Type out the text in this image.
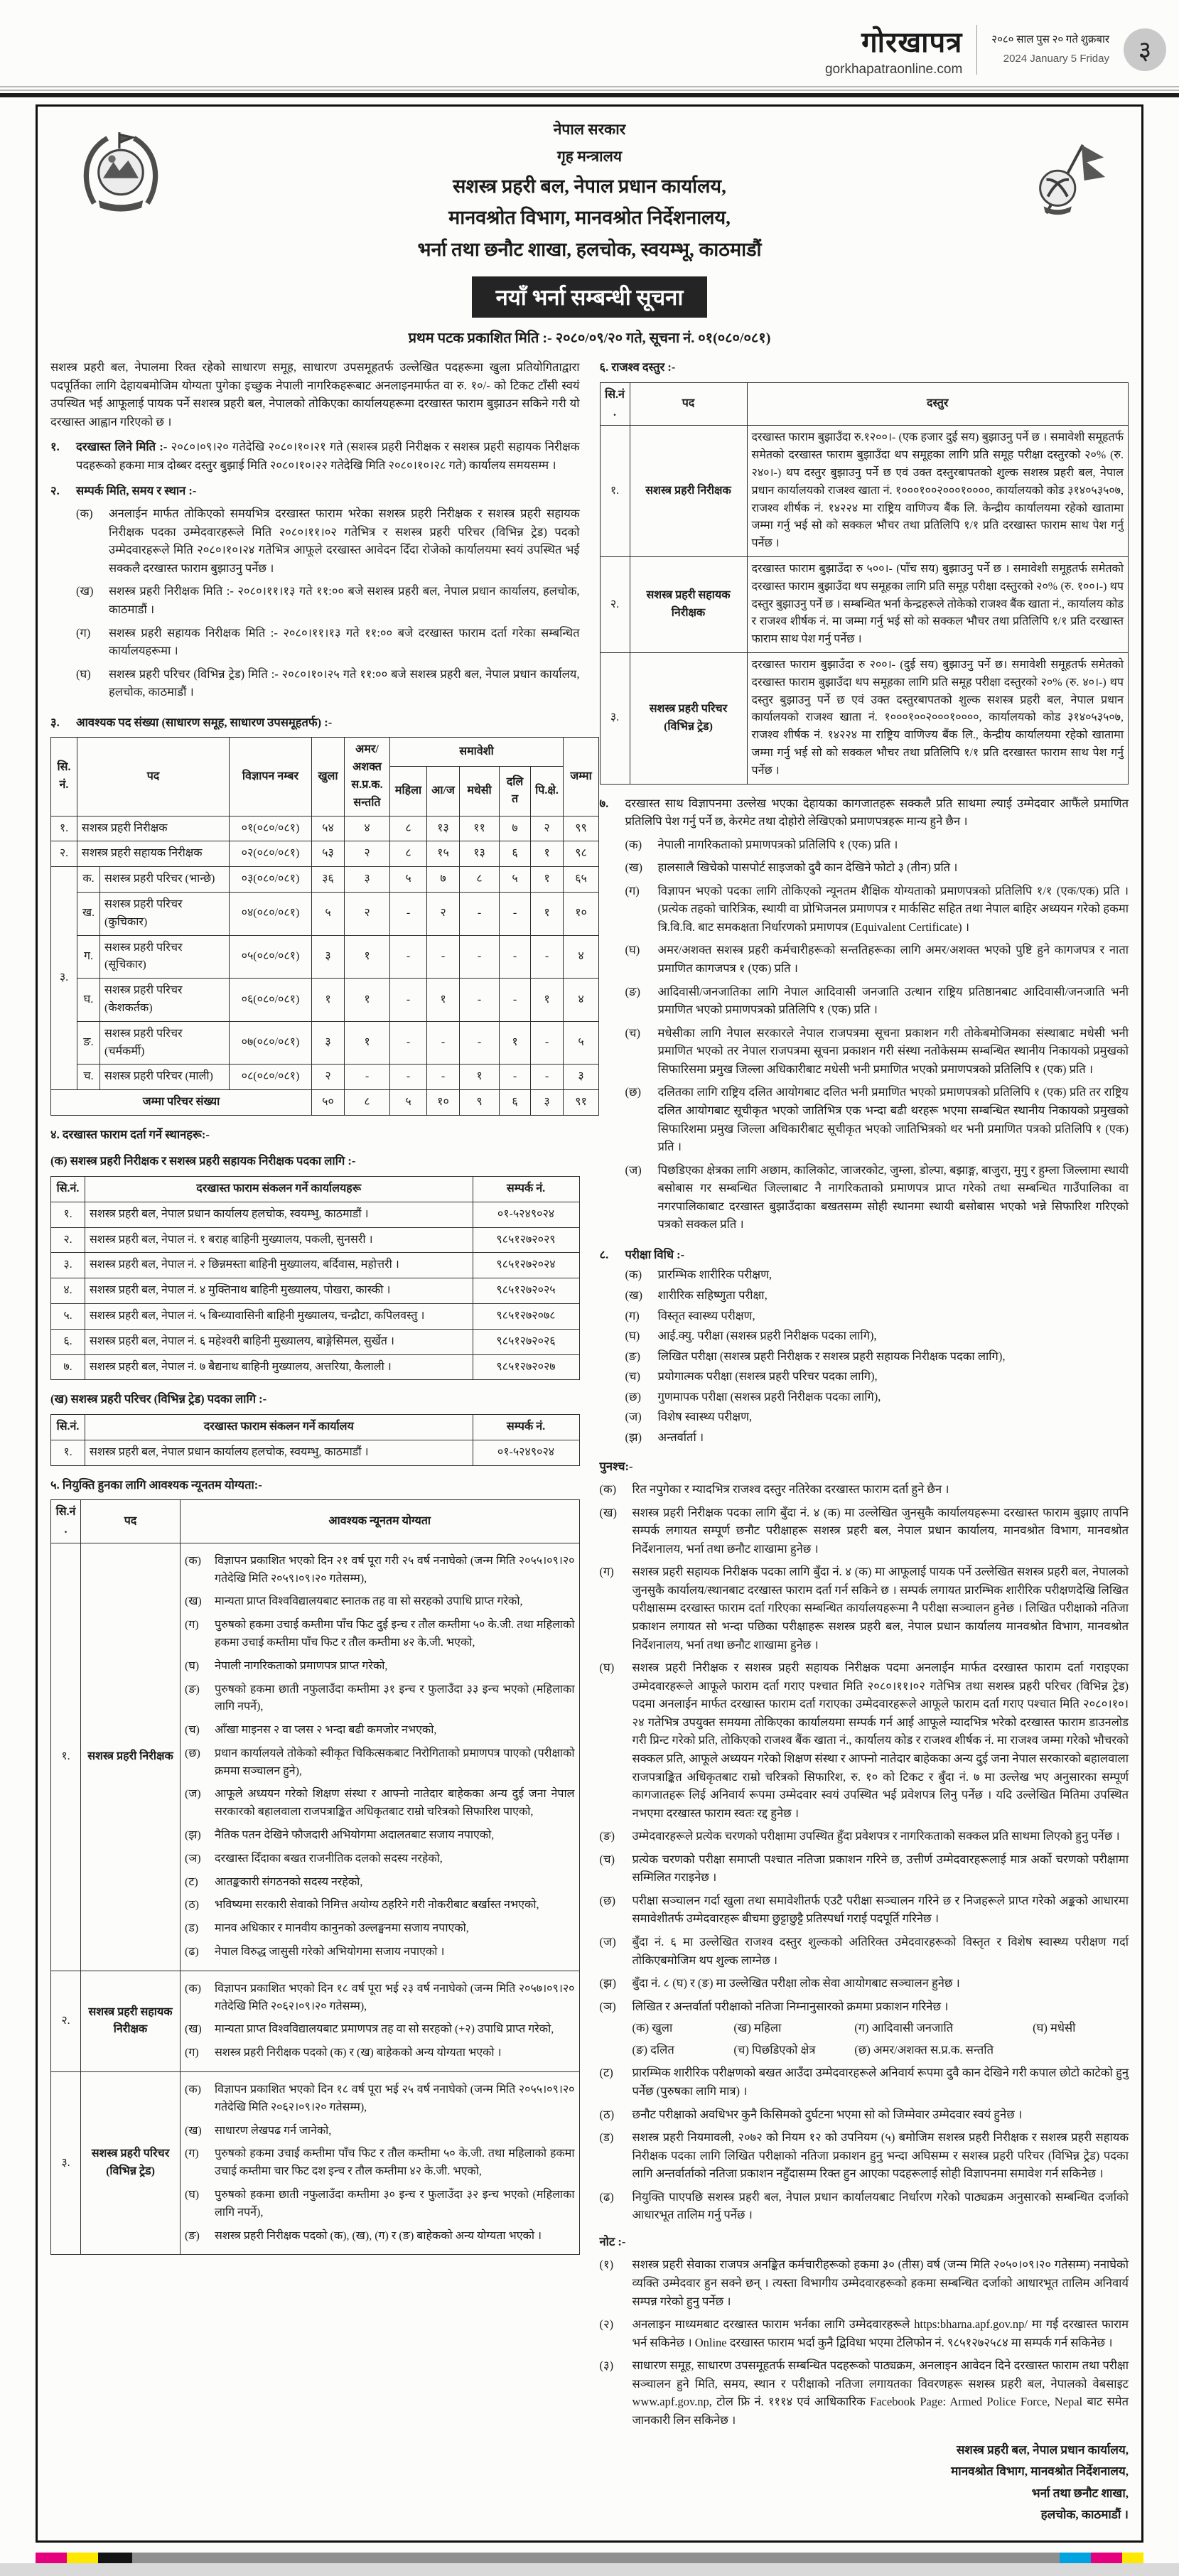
गोरखापत्र
gorkhapatraonline.com
२०८० साल पुस २० गते शुक्रबार
2024 January 5 Friday	३
नेपाल सरकार
गृह मन्त्रालय
सशस्त्र प्रहरी बल, नेपाल प्रधान कार्यालय,
मानवश्रोत विभाग, मानवश्रोत निर्देशनालय,
भर्ना तथा छनौट शाखा, हलचोक, स्वयम्भू, काठमाडौं
नयाँ भर्ना सम्बन्धी सूचना
प्रथम पटक प्रकाशित मिति :- २०८०/०९/२० गते, सूचना नं. ०१(०८०/०८१)

सशस्त्र प्रहरी बल, नेपालमा रिक्त रहेको साधारण समूह, साधारण उपसमूहतर्फ उल्लेखित पदहरूमा खुला प्रतियोगिताद्वारा पदपूर्तिका लागि देहायबमोजिम योग्यता पुगेका इच्छुक नेपाली नागरिकहरूबाट अनलाइनमार्फत वा रु. १०/- को टिकट टाँसी स्वयं उपस्थित भई आफूलाई पायक पर्ने सशस्त्र प्रहरी बल, नेपालको तोकिएका कार्यालयहरूमा दरखास्त फाराम बुझाउन सकिने गरी यो दरखास्त आह्वान गरिएको छ ।

१.	दरखास्त लिने मिति :- २०८०।०९।२० गतेदेखि २०८०।१०।२१ गते (सशस्त्र प्रहरी निरीक्षक र सशस्त्र प्रहरी सहायक निरीक्षक पदहरूको हकमा मात्र दोब्बर दस्तुर बुझाई मिति २०८०।१०।२२ गतेदेखि मिति २०८०।१०।२८ गते) कार्यालय समयसम्म ।
२.	सम्पर्क मिति, समय र स्थान :-
(क)	अनलाईन मार्फत तोकिएको समयभित्र दरखास्त फाराम भरेका सशस्त्र प्रहरी निरीक्षक र सशस्त्र प्रहरी सहायक निरीक्षक पदका उम्मेदवारहरूले मिति २०८०।११।०२ गतेभित्र र सशस्त्र प्रहरी परिचर (विभिन्न ट्रेड) पदको उम्मेदवारहरूले मिति २०८०।१०।२४ गतेभित्र आफूले दरखास्त आवेदन दिँदा रोजेको कार्यालयमा स्वयं उपस्थित भई सक्कलै दरखास्त फाराम बुझाउनु पर्नेछ ।
(ख)	सशस्त्र प्रहरी निरीक्षक मिति :- २०८०।११।१३ गते ११:०० बजे सशस्त्र प्रहरी बल, नेपाल प्रधान कार्यालय, हलचोक, काठमाडौं ।
(ग)	सशस्त्र प्रहरी सहायक निरीक्षक मिति :- २०८०।११।१३ गते ११:०० बजे दरखास्त फाराम दर्ता गरेका सम्बन्धित कार्यालयहरूमा ।
(घ)	सशस्त्र प्रहरी परिचर (विभिन्न ट्रेड) मिति :- २०८०।१०।२५ गते ११:०० बजे सशस्त्र प्रहरी बल, नेपाल प्रधान कार्यालय, हलचोक, काठमाडौं ।
३.	आवश्यक पद संख्या (साधारण समूह, साधारण उपसमूहतर्फ) :-
सि.नं.	पद		विज्ञापन नम्बर	खुला	अमर/ अशक्त स.प्र.क. सन्तति	समावेशी					जम्मा
						महिला	आ/ज	मधेसी	दलित	पि.क्षे.	
१.	सशस्त्र प्रहरी निरीक्षक		०१(०८०/०८१)	५४	४	८	१३	११	७	२	९९
२.	सशस्त्र प्रहरी सहायक निरीक्षक		०२(०८०/०८१)	५३	२	८	१५	१३	६	१	९८
३.	क.	सशस्त्र प्रहरी परिचर (भान्छे)	०३(०८०/०८१)	३६	३	५	७	८	५	१	६५
	ख.	सशस्त्र प्रहरी परिचर (कुचिकार)	०४(०८०/०८१)	५	२	-	२	-	-	१	१०
	ग.	सशस्त्र प्रहरी परिचर (सूचिकार)	०५(०८०/०८१)	३	१	-	-	-	-	-	४
	घ.	सशस्त्र प्रहरी परिचर (केशकर्तक)	०६(०८०/०८१)	१	१	-	१	-	-	१	४
	ङ.	सशस्त्र प्रहरी परिचर (चर्मकर्मी)	०७(०८०/०८१)	३	१	-	-	-	१	-	५
	च.	सशस्त्र प्रहरी परिचर (माली)	०८(०८०/०८१)	२	-	-	-	१	-	-	३
जम्मा परिचर संख्या				५०	८	५	१०	९	६	३	९१
४. दरखास्त फाराम दर्ता गर्ने स्थानहरू:-
(क) सशस्त्र प्रहरी निरीक्षक र सशस्त्र प्रहरी सहायक निरीक्षक पदका लागि :-
सि.नं.	दरखास्त फाराम संकलन गर्ने कार्यालयहरू	सम्पर्क नं.
१.	सशस्त्र प्रहरी बल, नेपाल प्रधान कार्यालय हलचोक, स्वयम्भु, काठमाडौं ।	०१-५२४९०२४
२.	सशस्त्र प्रहरी बल, नेपाल नं. १ बराह बाहिनी मुख्यालय, पकली, सुनसरी ।	९८५१२७२०२९
३.	सशस्त्र प्रहरी बल, नेपाल नं. २ छिन्नमस्ता बाहिनी मुख्यालय, बर्दिवास, महोत्तरी ।	९८५१२७२०२४
४.	सशस्त्र प्रहरी बल, नेपाल नं. ४ मुक्तिनाथ बाहिनी मुख्यालय, पोखरा, कास्की ।	९८५१२७२०२५
५.	सशस्त्र प्रहरी बल, नेपाल नं. ५ बिन्ध्यावासिनी बाहिनी मुख्यालय, चन्द्रौटा, कपिलवस्तु ।	९८५१२७२०७८
६.	सशस्त्र प्रहरी बल, नेपाल नं. ६ महेश्वरी बाहिनी मुख्यालय, बाङ्गेसिमल, सुर्खेत ।	९८५१२७२०२६
७.	सशस्त्र प्रहरी बल, नेपाल नं. ७ बैद्यनाथ बाहिनी मुख्यालय, अत्तरिया, कैलाली ।	९८५१२७२०२७
(ख) सशस्त्र प्रहरी परिचर (विभिन्न ट्रेड) पदका लागि :-
सि.नं.	दरखास्त फाराम संकलन गर्ने कार्यालय	सम्पर्क नं.
१.	सशस्त्र प्रहरी बल, नेपाल प्रधान कार्यालय हलचोक, स्वयम्भु, काठमाडौं ।	०१-५२४९०२४
५. नियुक्ति हुनका लागि आवश्यक न्यूनतम योग्यता:-
सि.नं.	पद	आवश्यक न्यूनतम योग्यता
१.	सशस्त्र प्रहरी निरीक्षक	
(क)	विज्ञापन प्रकाशित भएको दिन २१ वर्ष पूरा गरी २५ वर्ष ननाघेको (जन्म मिति २०५५।०९।२० गतेदेखि मिति २०५९।०९।२० गतेसम्म),
(ख)	मान्यता प्राप्त विश्वविद्यालयबाट स्नातक तह वा सो सरहको उपाधि प्राप्त गरेको,
(ग)	पुरुषको हकमा उचाई कम्तीमा पाँच फिट दुई इन्च र तौल कम्तीमा ५० के.जी. तथा महिलाको हकमा उचाई कम्तीमा पाँच फिट र तौल कम्तीमा ४२ के.जी. भएको,
(घ)	नेपाली नागरिकताको प्रमाणपत्र प्राप्त गरेको,
(ङ)	पुरुषको हकमा छाती नफुलाउँदा कम्तीमा ३१ इन्च र फुलाउँदा ३३ इन्च भएको (महिलाका लागि नपर्ने),
(च)	आँखा माइनस २ वा प्लस २ भन्दा बढी कमजोर नभएको,
(छ)	प्रधान कार्यालयले तोकेको स्वीकृत चिकित्सकबाट निरोगिताको प्रमाणपत्र पाएको (परीक्षाको क्रममा सञ्चालन हुने),
(ज)	आफूले अध्ययन गरेको शिक्षण संस्था र आफ्नो नातेदार बाहेकका अन्य दुई जना नेपाल सरकारको बहालवाला राजपत्राङ्कित अधिकृतबाट राम्रो चरित्रको सिफारिश पाएको,
(झ)	नैतिक पतन देखिने फौजदारी अभियोगमा अदालतबाट सजाय नपाएको,
(ञ)	दरखास्त दिँदाका बखत राजनीतिक दलको सदस्य नरहेको,
(ट)	आतङ्ककारी संगठनको सदस्य नरहेको,
(ठ)	भविष्यमा सरकारी सेवाको निमित्त अयोग्य ठहरिने गरी नोकरीबाट बर्खास्त नभएको,
(ड)	मानव अधिकार र मानवीय कानुनको उल्लङ्घनमा सजाय नपाएको,
(ढ)	नेपाल विरुद्ध जासुसी गरेको अभियोगमा सजाय नपाएको ।

२.	सशस्त्र प्रहरी सहायक निरीक्षक	
(क)	विज्ञापन प्रकाशित भएको दिन १८ वर्ष पूरा भई २३ वर्ष ननाघेको (जन्म मिति २०५७।०९।२० गतेदेखि मिति २०६२।०९।२० गतेसम्म),
(ख)	मान्यता प्राप्त विश्वविद्यालयबाट प्रमाणपत्र तह वा सो सरहको (+२) उपाधि प्राप्त गरेको,
(ग)	सशस्त्र प्रहरी निरीक्षक पदको (क) र (ख) बाहेकको अन्य योग्यता भएको ।

३.	सशस्त्र प्रहरी परिचर (विभिन्न ट्रेड)	
(क)	विज्ञापन प्रकाशित भएको दिन १८ वर्ष पूरा भई २५ वर्ष ननाघेको (जन्म मिति २०५५।०९।२० गतेदेखि मिति २०६२।०९।२० गतेसम्म),
(ख)	साधारण लेखपढ गर्न जानेको,
(ग)	पुरुषको हकमा उचाई कम्तीमा पाँच फिट र तौल कम्तीमा ५० के.जी. तथा महिलाको हकमा उचाई कम्तीमा चार फिट दश इन्च र तौल कम्तीमा ४२ के.जी. भएको,
(घ)	पुरुषको हकमा छाती नफुलाउँदा कम्तीमा ३० इन्च र फुलाउँदा ३२ इन्च भएको (महिलाका लागि नपर्ने),
(ङ)	सशस्त्र प्रहरी निरीक्षक पदको (क), (ख), (ग) र (ङ) बाहेकको अन्य योग्यता भएको ।
६. राजश्व दस्तुर :-
सि.नं.	पद	दस्तुर
१.	सशस्त्र प्रहरी निरीक्षक	दरखास्त फाराम बुझाउँदा रु.१२००।- (एक हजार दुई सय) बुझाउनु पर्ने छ । समावेशी समूहतर्फ समेतको दरखास्त फाराम बुझाउँदा थप समूहका लागि प्रति समूह परीक्षा दस्तुरको २०% (रु. २४०।-) थप दस्तुर बुझाउनु पर्ने छ एवं उक्त दस्तुरबापतको शुल्क सशस्त्र प्रहरी बल, नेपाल प्रधान कार्यालयको राजश्व खाता नं. १०००१००२०००१००००, कार्यालयको कोड ३१४०५३५०७, राजश्व शीर्षक नं. १४२२४ मा राष्ट्रिय वाणिज्य बैंक लि. केन्द्रीय कार्यालयमा रहेको खातामा जम्मा गर्नु भई सो को सक्कल भौचर तथा प्रतिलिपि १/१ प्रति दरखास्त फाराम साथ पेश गर्नु पर्नेछ ।
२.	सशस्त्र प्रहरी सहायक निरीक्षक	दरखास्त फाराम बुझाउँदा रु ५००।- (पाँच सय) बुझाउनु पर्ने छ । समावेशी समूहतर्फ समेतको दरखास्त फाराम बुझाउँदा थप समूहका लागि प्रति समूह परीक्षा दस्तुरको २०% (रु. १००।-) थप दस्तुर बुझाउनु पर्ने छ । सम्बन्धित भर्ना केन्द्रहरूले तोकेको राजश्व बैंक खाता नं., कार्यालय कोड र राजश्व शीर्षक नं. मा जम्मा गर्नु भई सो को सक्कल भौचर तथा प्रतिलिपि १/१ प्रति दरखास्त फाराम साथ पेश गर्नु पर्नेछ ।
३.	सशस्त्र प्रहरी परिचर (विभिन्न ट्रेड)	दरखास्त फाराम बुझाउँदा रु २००।- (दुई सय) बुझाउनु पर्ने छ। समावेशी समूहतर्फ समेतको दरखास्त फाराम बुझाउँदा थप समूहका लागि प्रति समूह परीक्षा दस्तुरको २०% (रु. ४०।-) थप दस्तुर बुझाउनु पर्ने छ एवं उक्त दस्तुरबापतको शुल्क सशस्त्र प्रहरी बल, नेपाल प्रधान कार्यालयको राजश्व खाता नं. १०००१००२०००१००००, कार्यालयको कोड ३१४०५३५०७, राजश्व शीर्षक नं. १४२२४ मा राष्ट्रिय वाणिज्य बैंक लि., केन्द्रीय कार्यालयमा रहेको खातामा जम्मा गर्नु भई सो को सक्कल भौचर तथा प्रतिलिपि १/१ प्रति दरखास्त फाराम साथ पेश गर्नु पर्नेछ ।
७.	दरखास्त साथ विज्ञापनमा उल्लेख भएका देहायका कागजातहरू सक्कलै प्रति साथमा ल्याई उम्मेदवार आफैंले प्रमाणित प्रतिलिपि पेश गर्नु पर्ने छ, केरमेट तथा दोहोरो लेखिएको प्रमाणपत्रहरू मान्य हुने छैन ।
(क)	नेपाली नागरिकताको प्रमाणपत्रको प्रतिलिपि १ (एक) प्रति ।
(ख)	हालसालै खिचेको पासपोर्ट साइजको दुवै कान देखिने फोटो ३ (तीन) प्रति ।
(ग)	विज्ञापन भएको पदका लागि तोकिएको न्यूनतम शैक्षिक योग्यताको प्रमाणपत्रको प्रतिलिपि १/१ (एक/एक) प्रति । (प्रत्येक तहको चारित्रिक, स्थायी वा प्रोभिजनल प्रमाणपत्र र मार्कसिट सहित तथा नेपाल बाहिर अध्ययन गरेको हकमा त्रि.वि.वि. बाट समकक्षता निर्धारणको प्रमाणपत्र (Equivalent Certificate) ।
(घ)	अमर/अशक्त सशस्त्र प्रहरी कर्मचारीहरूको सन्ततिहरूका लागि अमर/अशक्त भएको पुष्टि हुने कागजपत्र र नाता प्रमाणित कागजपत्र १ (एक) प्रति ।
(ङ)	आदिवासी/जनजातिका लागि नेपाल आदिवासी जनजाति उत्थान राष्ट्रिय प्रतिष्ठानबाट आदिवासी/जनजाति भनी प्रमाणित भएको प्रमाणपत्रको प्रतिलिपि १ (एक) प्रति ।
(च)	मधेसीका लागि नेपाल सरकारले नेपाल राजपत्रमा सूचना प्रकाशन गरी तोकेबमोजिमका संस्थाबाट मधेसी भनी प्रमाणित भएको तर नेपाल राजपत्रमा सूचना प्रकाशन गरी संस्था नतोकेसम्म सम्बन्धित स्थानीय निकायको प्रमुखको सिफारिसमा प्रमुख जिल्ला अधिकारीबाट मधेसी भनी प्रमाणित भएको प्रमाणपत्रको प्रतिलिपि १ (एक) प्रति ।
(छ)	दलितका लागि राष्ट्रिय दलित आयोगबाट दलित भनी प्रमाणित भएको प्रमाणपत्रको प्रतिलिपि १ (एक) प्रति तर राष्ट्रिय दलित आयोगबाट सूचीकृत भएको जातिभित्र एक भन्दा बढी थरहरू भएमा सम्बन्धित स्थानीय निकायको प्रमुखको सिफारिशमा प्रमुख जिल्ला अधिकारीबाट सूचीकृत भएको जातिभित्रको थर भनी प्रमाणित पत्रको प्रतिलिपि १ (एक) प्रति ।
(ज)	पिछडिएका क्षेत्रका लागि अछाम, कालिकोट, जाजरकोट, जुम्ला, डोल्पा, बझाङ्ग, बाजुरा, मुगु र हुम्ला जिल्लामा स्थायी बसोबास गर सम्बन्धित जिल्लाबाट नै नागरिकताको प्रमाणपत्र प्राप्त गरेको तथा सम्बन्धित गाउँपालिका वा नगरपालिकाबाट दरखास्त बुझाउँदाका बखतसम्म सोही स्थानमा स्थायी बसोबास भएको भन्ने सिफारिश गरिएको पत्रको सक्कल प्रति ।
८.	परीक्षा विधि :-
(क)	प्रारम्भिक शारीरिक परीक्षण,
(ख)	शारीरिक सहिष्णुता परीक्षा,
(ग)	विस्तृत स्वास्थ्य परीक्षण,
(घ)	आई.क्यु. परीक्षा (सशस्त्र प्रहरी निरीक्षक पदका लागि),
(ङ)	लिखित परीक्षा (सशस्त्र प्रहरी निरीक्षक र सशस्त्र प्रहरी सहायक निरीक्षक पदका लागि),
(च)	प्रयोगात्मक परीक्षा (सशस्त्र प्रहरी परिचर पदका लागि),
(छ)	गुणमापक परीक्षा (सशस्त्र प्रहरी निरीक्षक पदका लागि),
(ज)	विशेष स्वास्थ्य परीक्षण,
(झ)	अन्तर्वार्ता ।
पुनश्च:-
(क)	रित नपुगेका र म्यादभित्र राजश्व दस्तुर नतिरेका दरखास्त फाराम दर्ता हुने छैन ।
(ख)	सशस्त्र प्रहरी निरीक्षक पदका लागि बुँदा नं. ४ (क) मा उल्लेखित जुनसुकै कार्यालयहरूमा दरखास्त फाराम बुझाए तापनि सम्पर्क लगायत सम्पूर्ण छनौट परीक्षाहरू सशस्त्र प्रहरी बल, नेपाल प्रधान कार्यालय, मानवश्रोत विभाग, मानवश्रोत निर्देशनालय, भर्ना तथा छनौट शाखामा हुनेछ ।
(ग)	सशस्त्र प्रहरी सहायक निरीक्षक पदका लागि बुँदा नं. ४ (क) मा आफूलाई पायक पर्ने उल्लेखित सशस्त्र प्रहरी बल, नेपालको जुनसुकै कार्यालय/स्थानबाट दरखास्त फाराम दर्ता गर्न सकिने छ । सम्पर्क लगायत प्रारम्भिक शारीरिक परीक्षणदेखि लिखित परीक्षासम्म दरखास्त फाराम दर्ता गरिएका सम्बन्धित कार्यालयहरूमा नै परीक्षा सञ्चालन हुनेछ । लिखित परीक्षाको नतिजा प्रकाशन लगायत सो भन्दा पछिका परीक्षाहरू सशस्त्र प्रहरी बल, नेपाल प्रधान कार्यालय मानवश्रोत विभाग, मानवश्रोत निर्देशनालय, भर्ना तथा छनौट शाखामा हुनेछ ।
(घ)	सशस्त्र प्रहरी निरीक्षक र सशस्त्र प्रहरी सहायक निरीक्षक पदमा अनलाईन मार्फत दरखास्त फाराम दर्ता गराइएका उम्मेदवारहरूले आफूले फाराम दर्ता गराए पश्चात मिति २०८०।११।०२ गतेभित्र तथा सशस्त्र प्रहरी परिचर (विभिन्न ट्रेड) पदमा अनलाईन मार्फत दरखास्त फाराम दर्ता गराएका उम्मेदवारहरूले आफूले फाराम दर्ता गराए पश्चात मिति २०८०।१०।२४ गतेभित्र उपयुक्त समयमा तोकिएका कार्यालयमा सम्पर्क गर्न आई आफूले म्यादभित्र भरेको दरखास्त फाराम डाउनलोड गरी प्रिन्ट गरेको प्रति, तोकिएको राजश्व बैंक खाता नं., कार्यालय कोड र राजश्व शीर्षक नं. मा राजश्व जम्मा गरेको भौचरको सक्कल प्रति, आफूले अध्ययन गरेको शिक्षण संस्था र आफ्नो नातेदार बाहेकका अन्य दुई जना नेपाल सरकारको बहालवाला राजपत्राङ्कित अधिकृतबाट राम्रो चरित्रको सिफारिश, रु. १० को टिकट र बुँदा नं. ७ मा उल्लेख भए अनुसारका सम्पूर्ण कागजातहरू लिई अनिवार्य रूपमा उम्मेदवार स्वयं उपस्थित भई प्रवेशपत्र लिनु पर्नेछ । यदि उल्लेखित मितिमा उपस्थित नभएमा दरखास्त फाराम स्वतः रद्द हुनेछ ।
(ङ)	उम्मेदवारहरूले प्रत्येक चरणको परीक्षामा उपस्थित हुँदा प्रवेशपत्र र नागरिकताको सक्कल प्रति साथमा लिएको हुनु पर्नेछ ।
(च)	प्रत्येक चरणको परीक्षा समाप्ती पश्चात नतिजा प्रकाशन गरिने छ, उत्तीर्ण उम्मेदवारहरूलाई मात्र अर्को चरणको परीक्षामा सम्मिलित गराइनेछ ।
(छ)	परीक्षा सञ्चालन गर्दा खुला तथा समावेशीतर्फ एउटै परीक्षा सञ्चालन गरिने छ र निजहरूले प्राप्त गरेको अङ्कको आधारमा समावेशीतर्फ उम्मेदवारहरू बीचमा छुट्टाछुट्टै प्रतिस्पर्धा गराई पदपूर्ति गरिनेछ ।
(ज)	बुँदा नं. ६ मा उल्लेखित राजश्व दस्तुर शुल्कको अतिरिक्त उमेदवारहरूको विस्तृत र विशेष स्वास्थ्य परीक्षण गर्दा तोकिएबमोजिम थप शुल्क लाग्नेछ ।
(झ)	बुँदा नं. ८ (घ) र (ङ) मा उल्लेखित परीक्षा लोक सेवा आयोगबाट सञ्चालन हुनेछ ।
(ञ)	लिखित र अन्तर्वार्ता परीक्षाको नतिजा निम्नानुसारको क्रममा प्रकाशन गरिनेछ ।

(क) खुला	(ख) महिला	(ग) आदिवासी जनजाति	(घ) मधेसी
(ङ) दलित	(च) पिछडिएको क्षेत्र	(छ) अमर/अशक्त स.प्र.क. सन्तति
(ट)	प्रारम्भिक शारीरिक परीक्षणको बखत आउँदा उम्मेदवारहरूले अनिवार्य रूपमा दुवै कान देखिने गरी कपाल छोटो काटेको हुनु पर्नेछ (पुरुषका लागि मात्र) ।
(ठ)	छनौट परीक्षाको अवधिभर कुनै किसिमको दुर्घटना भएमा सो को जिम्मेवार उम्मेदवार स्वयं हुनेछ ।
(ड)	सशस्त्र प्रहरी नियमावली, २०७२ को नियम १२ को उपनियम (५) बमोजिम सशस्त्र प्रहरी निरीक्षक र सशस्त्र प्रहरी सहायक निरीक्षक पदका लागि लिखित परीक्षाको नतिजा प्रकाशन हुनु भन्दा अघिसम्म र सशस्त्र प्रहरी परिचर (विभिन्न ट्रेड) पदका लागि अन्तर्वार्ताको नतिजा प्रकाशन नहुँदासम्म रिक्त हुन आएका पदहरूलाई सोही विज्ञापनमा समावेश गर्न सकिनेछ ।
(ढ)	नियुक्ति पाएपछि सशस्त्र प्रहरी बल, नेपाल प्रधान कार्यालयबाट निर्धारण गरेको पाठ्यक्रम अनुसारको सम्बन्धित दर्जाको आधारभूत तालिम गर्नु पर्नेछ ।
नोट :-
(१)	सशस्त्र प्रहरी सेवाका राजपत्र अनङ्कित कर्मचारीहरूको हकमा ३० (तीस) वर्ष (जन्म मिति २०५०।०९।२० गतेसम्म) ननाघेको व्यक्ति उम्मेदवार हुन सक्ने छन् । त्यस्ता विभागीय उम्मेदवारहरूको हकमा सम्बन्धित दर्जाको आधारभूत तालिम अनिवार्य सम्पन्न गरेको हुनु पर्नेछ ।
(२)	अनलाइन माध्यमबाट दरखास्त फाराम भर्नका लागि उम्मेदवारहरूले https:bharna.apf.gov.np/ मा गई दरखास्त फाराम भर्न सकिनेछ । Online दरखास्त फाराम भर्दा कुनै द्विविधा भएमा टेलिफोन नं. ९८५१२७२५८४ मा सम्पर्क गर्न सकिनेछ ।
(३)	साधारण समूह, साधारण उपसमूहतर्फ सम्बन्धित पदहरूको पाठ्यक्रम, अनलाइन आवेदन दिने दरखास्त फाराम तथा परीक्षा सञ्चालन हुने मिति, समय, स्थान र परीक्षाको नतिजा लगायतका विवरणहरू सशस्त्र प्रहरी बल, नेपालको वेबसाइट www.apf.gov.np, टोल फ्रि नं. १११४ एवं आधिकारिक Facebook Page: Armed Police Force, Nepal बाट समेत जानकारी लिन सकिनेछ ।
सशस्त्र प्रहरी बल, नेपाल प्रधान कार्यालय,
मानवश्रोत विभाग, मानवश्रोत निर्देशनालय,
भर्ना तथा छनौट शाखा,
हलचोक, काठमाडौं ।
